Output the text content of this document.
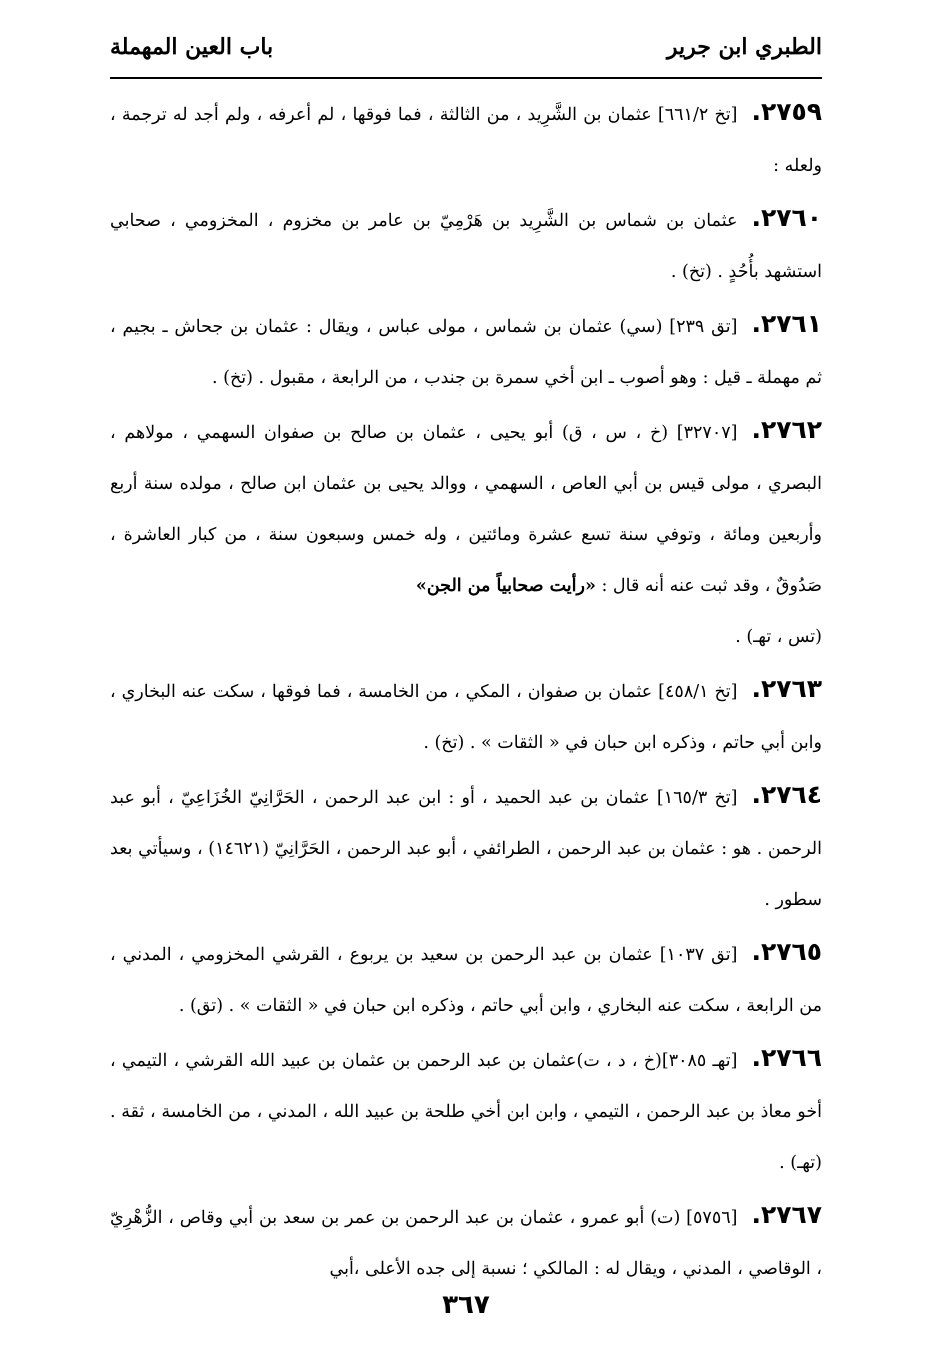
الطبري ابن جرير
باب العين المهملة

٢٧٥٩.[تخ ٦٦١/٢] عثمان بن الشَّرِيد ، من الثالثة ، فما فوقها ، لم أعرفه ، ولم أجد له ترجمة ، ولعله :

٢٧٦٠.عثمان بن شماس بن الشَّرِيد بن هَرْمِيّ بن عامر بن مخزوم ، المخزومي ، صحابي استشهد بأُحُدٍ . (تخ) .

٢٧٦١.[تق ٢٣٩] (سي) عثمان بن شماس ، مولى عباس ، ويقال : عثمان بن جحاش ـ بجيم ، ثم مهملة ـ قيل : وهو أصوب ـ ابن أخي سمرة بن جندب ، من الرابعة ، مقبول . (تخ) .

٢٧٦٢.[٣٢٧٠٧] (خ ، س ، ق) أبو يحيى ، عثمان بن صالح بن صفوان السهمي ، مولاهم ، البصري ، مولى قيس بن أبي العاص ، السهمي ، ووالد يحيى بن عثمان ابن صالح ، مولده سنة أربع وأربعين ومائة ، وتوفي سنة تسع عشرة ومائتين ، وله خمس وسبعون سنة ، من كبار العاشرة ، صَدُوقٌ ، وقد ثبت عنه أنه قال : «رأيت صحابياً من الجن»
(تس ، تهـ) .

٢٧٦٣.[تخ ٤٥٨/١] عثمان بن صفوان ، المكي ، من الخامسة ، فما فوقها ، سكت عنه البخاري ، وابن أبي حاتم ، وذكره ابن حبان في « الثقات » . (تخ) .

٢٧٦٤.[تخ ١٦٥/٣] عثمان بن عبد الحميد ، أو : ابن عبد الرحمن ، الحَرَّانِيّ الخُزَاعِيّ ، أبو عبد الرحمن . هو : عثمان بن عبد الرحمن ، الطرائفي ، أبو عبد الرحمن ، الحَرَّانِيّ (١٤٦٢١) ، وسيأتي بعد سطور .

٢٧٦٥.[تق ١٠٣٧] عثمان بن عبد الرحمن بن سعيد بن يربوع ، القرشي المخزومي ، المدني ، من الرابعة ، سكت عنه البخاري ، وابن أبي حاتم ، وذكره ابن حبان في « الثقات » . (تق) .

٢٧٦٦.[تهـ ٣٠٨٥](خ ، د ، ت)عثمان بن عبد الرحمن بن عثمان بن عبيد الله القرشي ، التيمي ، أخو معاذ بن عبد الرحمن ، التيمي ، وابن ابن أخي طلحة بن عبيد الله ، المدني ، من الخامسة ، ثقة . (تهـ) .

٢٧٦٧.[٥٧٥٦] (ت) أبو عمرو ، عثمان بن عبد الرحمن بن عمر بن سعد بن أبي وقاص ، الزُّهْرِيّ ، الوقاصي ، المدني ، ويقال له : المالكي ؛ نسبة إلى جده الأعلى ،أبي

٣٦٧
